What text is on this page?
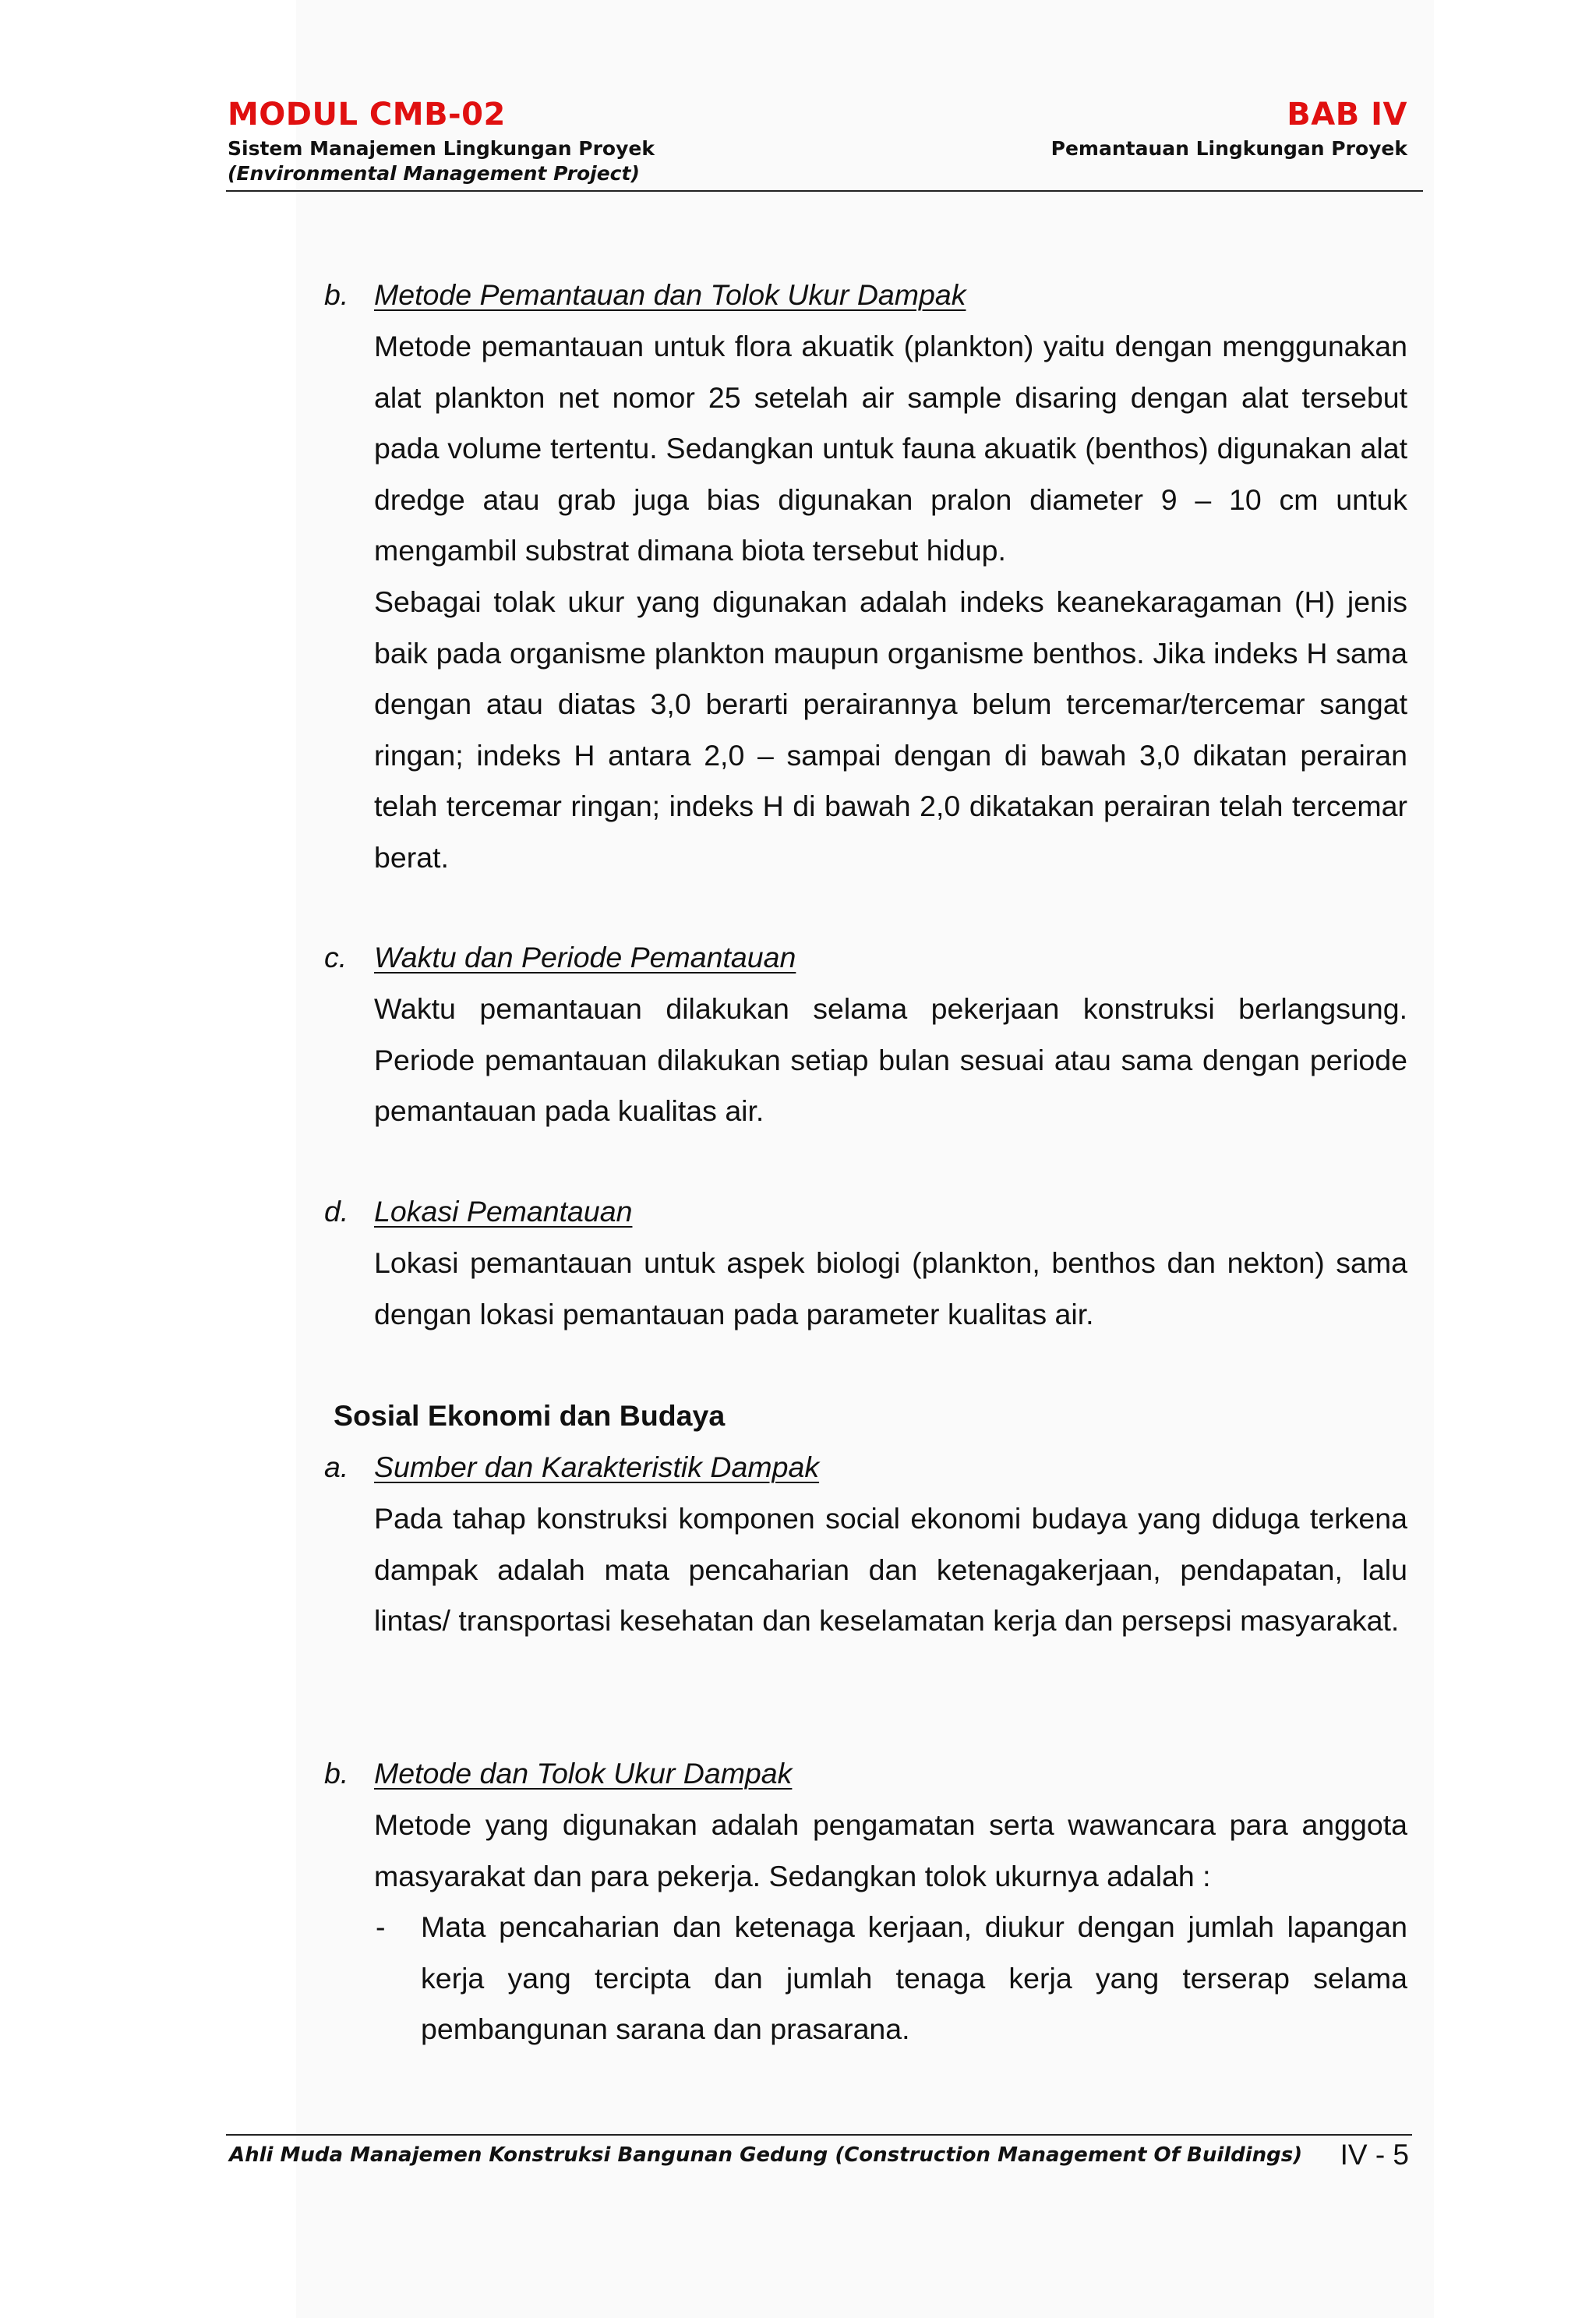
MODUL CMB-02
Sistem Manajemen Lingkungan Proyek
(Environmental Management Project)
BAB IV
Pemantauan Lingkungan Proyek
b. Metode Pemantauan dan Tolok Ukur Dampak
Metode pemantauan untuk flora akuatik (plankton) yaitu dengan menggunakan alat plankton net nomor 25 setelah air sample disaring dengan alat tersebut pada volume tertentu. Sedangkan untuk fauna akuatik (benthos) digunakan alat dredge atau grab juga bias digunakan pralon diameter 9 – 10 cm untuk mengambil substrat dimana biota tersebut hidup.
Sebagai tolak ukur yang digunakan adalah indeks keanekaragaman (H) jenis baik pada organisme plankton maupun organisme benthos. Jika indeks H sama dengan atau diatas 3,0 berarti perairannya belum tercemar/tercemar sangat ringan; indeks H antara 2,0 – sampai dengan di bawah 3,0 dikatan perairan telah tercemar ringan; indeks H di bawah 2,0 dikatakan perairan telah tercemar berat.
c. Waktu dan Periode Pemantauan
Waktu pemantauan dilakukan selama pekerjaan konstruksi berlangsung. Periode pemantauan dilakukan setiap bulan sesuai atau sama dengan periode pemantauan pada kualitas air.
d. Lokasi Pemantauan
Lokasi pemantauan untuk aspek biologi (plankton, benthos dan nekton) sama dengan lokasi pemantauan pada parameter kualitas air.
Sosial Ekonomi dan Budaya
a. Sumber dan Karakteristik Dampak
Pada tahap konstruksi komponen social ekonomi budaya yang diduga terkena dampak adalah mata pencaharian dan ketenagakerjaan, pendapatan, lalu lintas/ transportasi kesehatan dan keselamatan kerja dan persepsi masyarakat.
b. Metode dan Tolok Ukur Dampak
Metode yang digunakan adalah pengamatan serta wawancara para anggota masyarakat dan para pekerja. Sedangkan tolok ukurnya adalah :
- Mata pencaharian dan ketenaga kerjaan, diukur dengan jumlah lapangan kerja yang tercipta dan jumlah tenaga kerja yang terserap selama pembangunan sarana dan prasarana.
Ahli Muda Manajemen Konstruksi Bangunan Gedung (Construction Management Of Buildings) IV - 5
